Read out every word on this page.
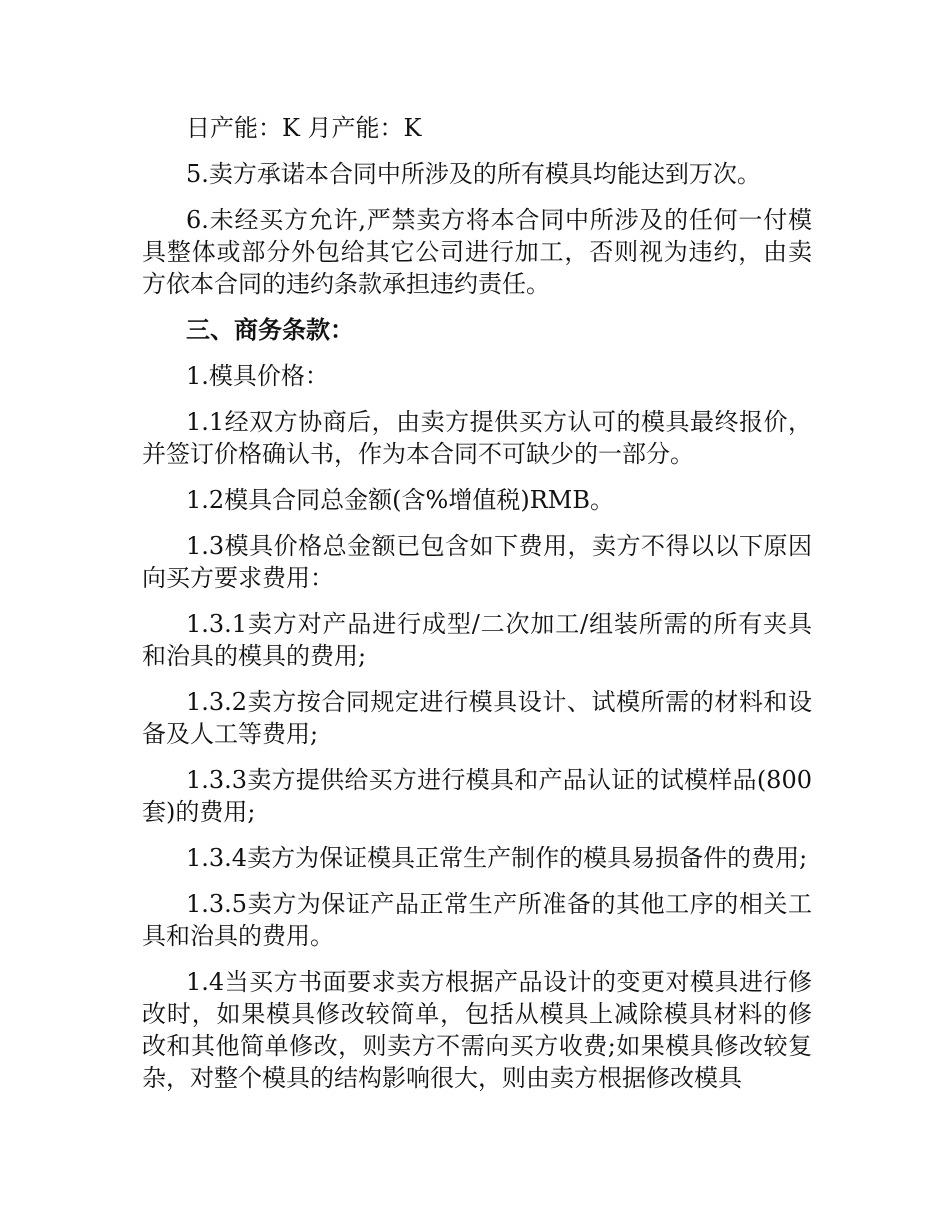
日产能：K 月产能：K

5.卖方承诺本合同中所涉及的所有模具均能达到万次。

6.未经买方允许,严禁卖方将本合同中所涉及的任何一付模具整体或部分外包给其它公司进行加工，否则视为违约，由卖方依本合同的违约条款承担违约责任。

三、商务条款：

1.模具价格：

1.1经双方协商后，由卖方提供买方认可的模具最终报价，并签订价格确认书，作为本合同不可缺少的一部分。

1.2模具合同总金额(含%增值税)RMB。

1.3模具价格总金额已包含如下费用，卖方不得以以下原因向买方要求费用：

1.3.1卖方对产品进行成型/二次加工/组装所需的所有夹具和治具的模具的费用;

1.3.2卖方按合同规定进行模具设计、试模所需的材料和设备及人工等费用;

1.3.3卖方提供给买方进行模具和产品认证的试模样品(800套)的费用;

1.3.4卖方为保证模具正常生产制作的模具易损备件的费用;

1.3.5卖方为保证产品正常生产所准备的其他工序的相关工具和治具的费用。

1.4当买方书面要求卖方根据产品设计的变更对模具进行修改时，如果模具修改较简单，包括从模具上减除模具材料的修改和其他简单修改，则卖方不需向买方收费;如果模具修改较复杂，对整个模具的结构影响很大，则由卖方根据修改模具
